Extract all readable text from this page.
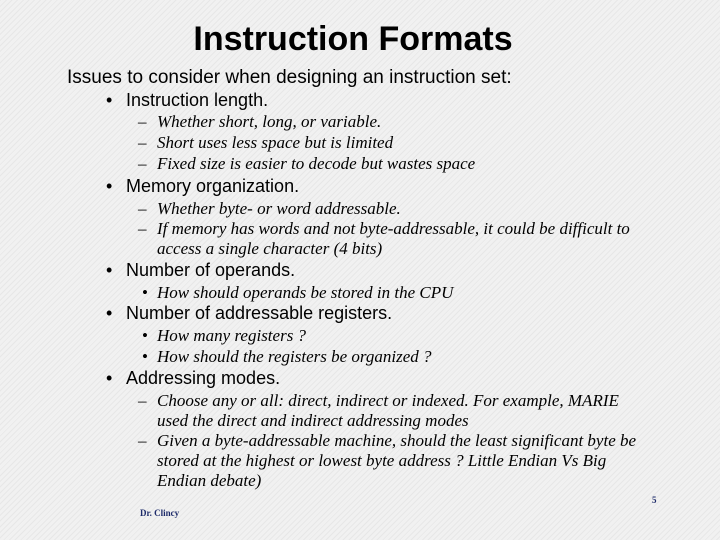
Instruction Formats
Issues to consider when designing an instruction set:
• Instruction length.
– Whether short, long, or variable.
– Short uses less space but is limited
– Fixed size is easier to decode but wastes space
• Memory organization.
– Whether byte- or word addressable.
– If memory has words and not byte-addressable, it could be difficult to access a single character (4 bits)
• Number of operands.
• How should operands be stored in the CPU
• Number of addressable registers.
• How many registers ?
• How should the registers be organized ?
• Addressing modes.
– Choose any or all: direct, indirect or indexed. For example, MARIE used the direct and indirect addressing modes
– Given a byte-addressable machine, should the least significant byte be stored at the highest or lowest byte address ? Little Endian Vs Big Endian debate)
5
Dr. Clincy
